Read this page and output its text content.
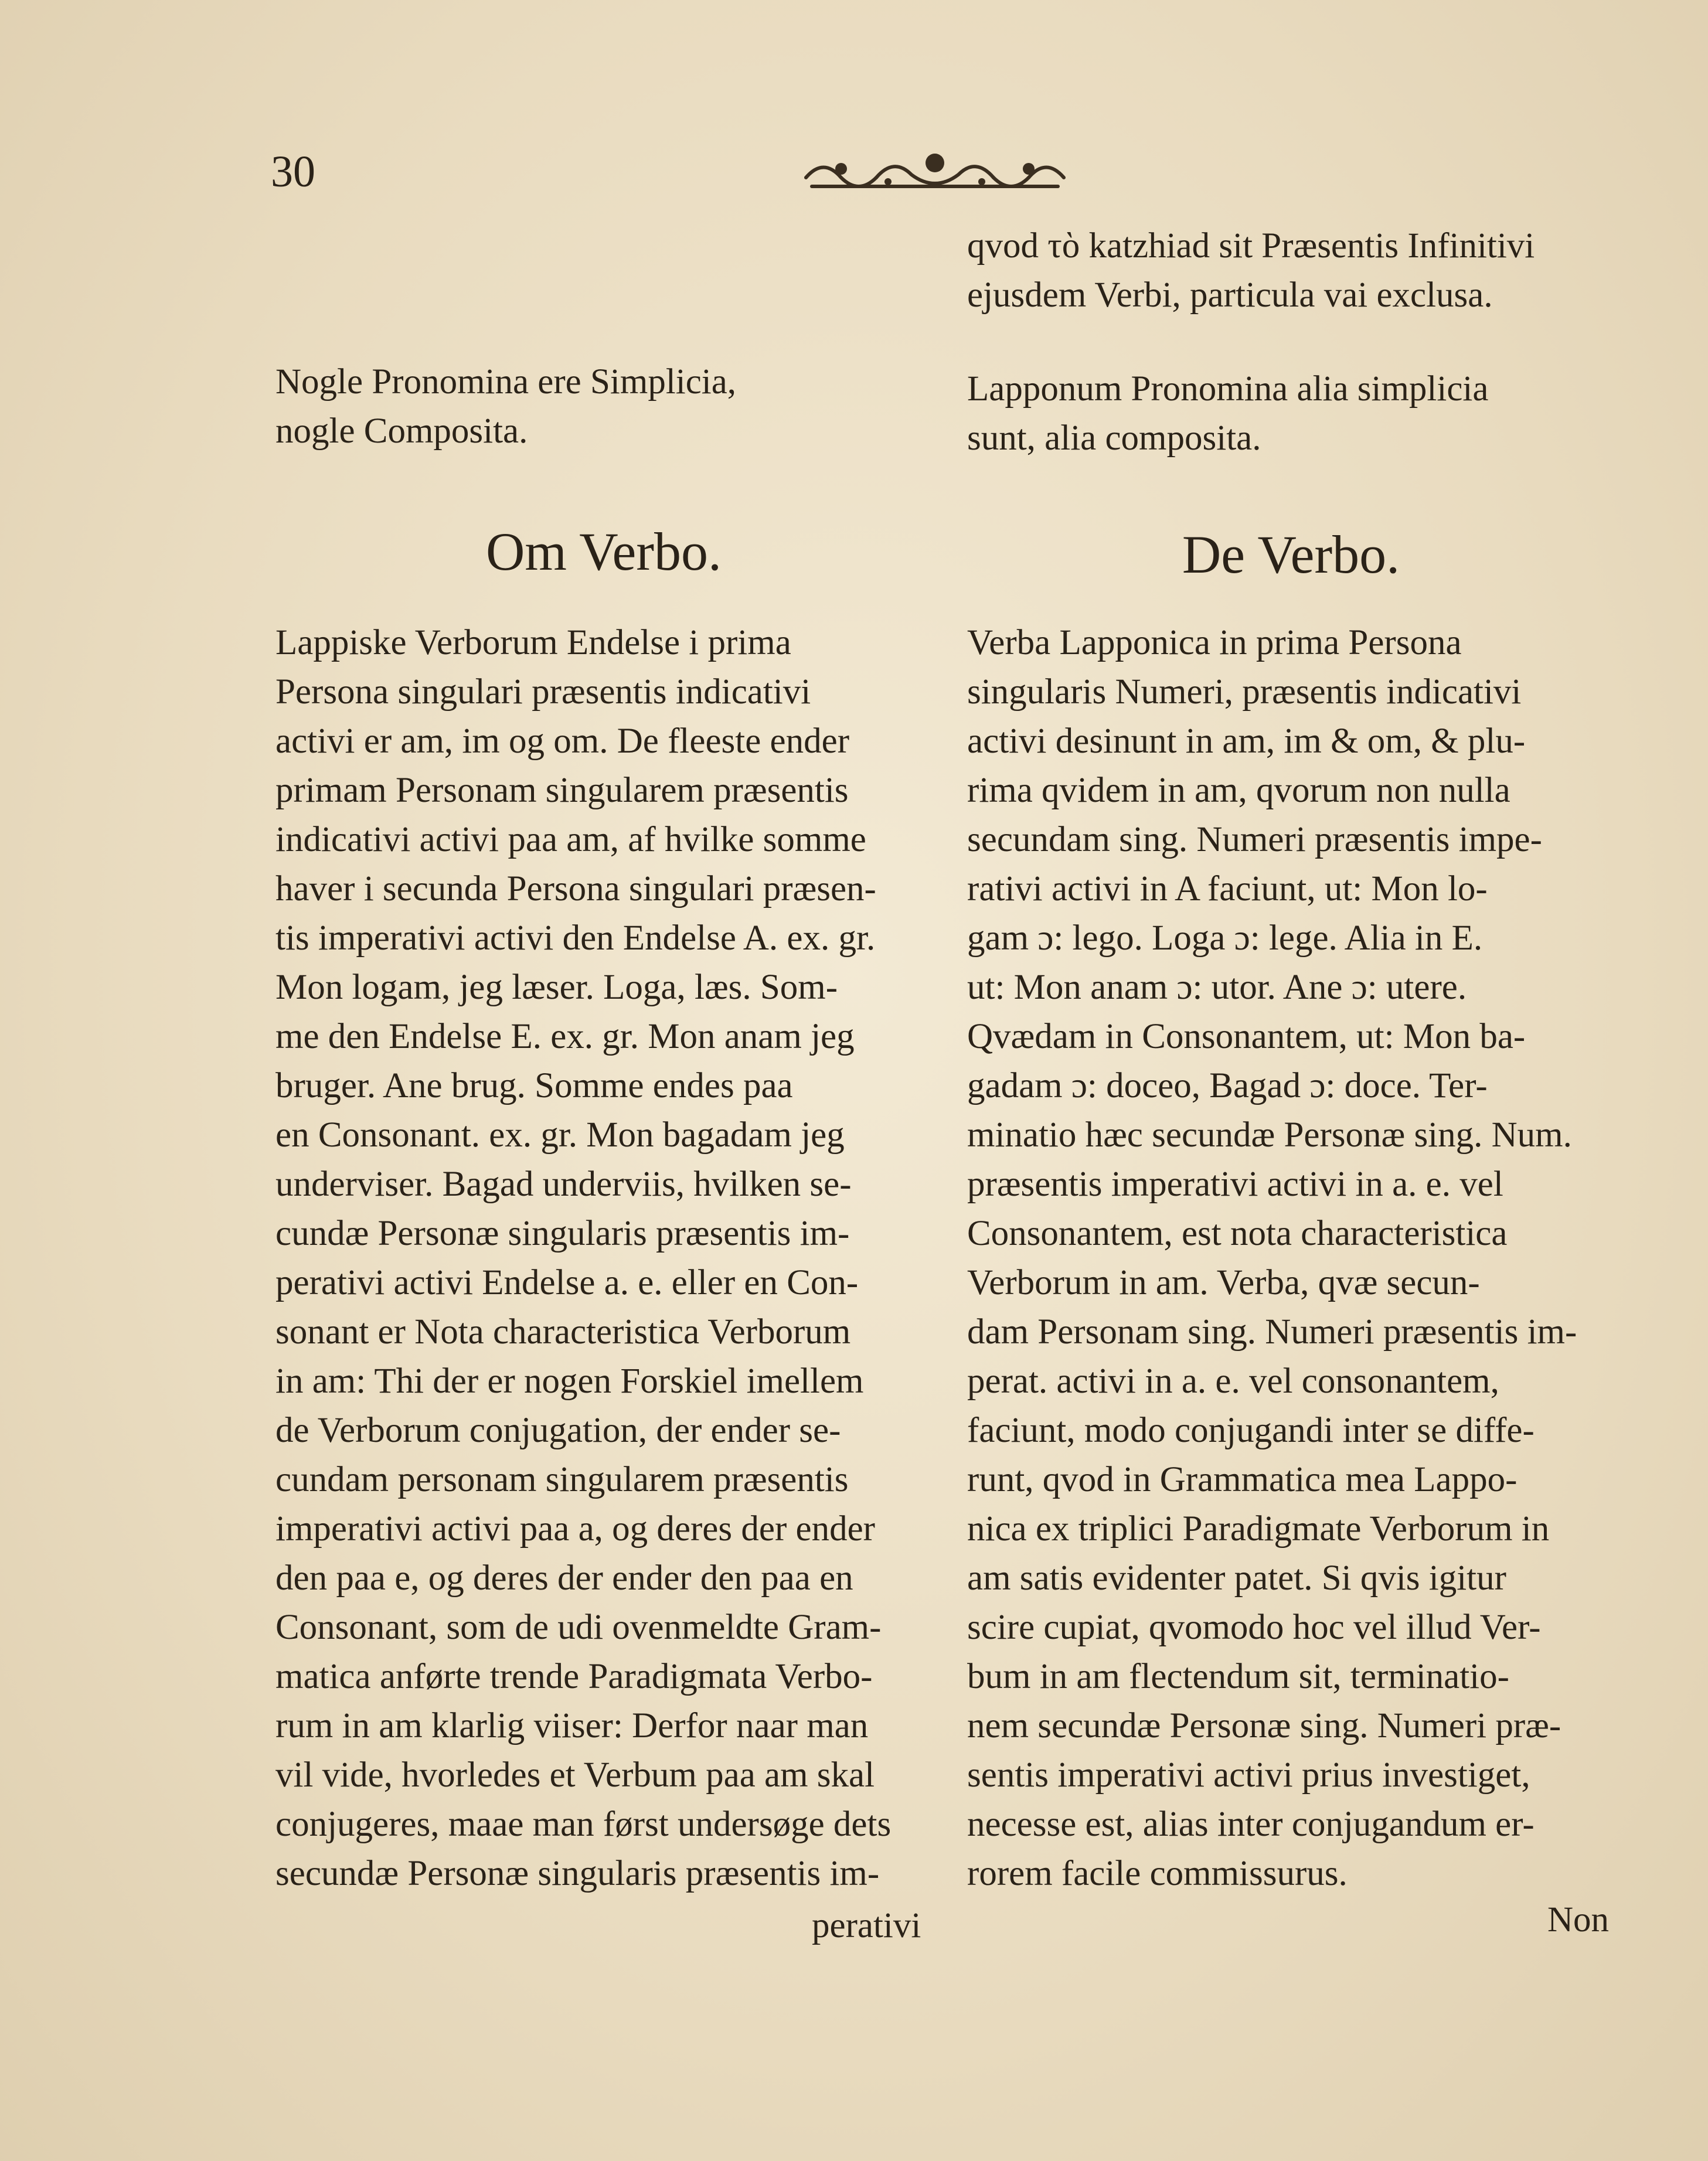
30

qvod τὸ katzhiad sit Præsentis Infinitivi
ejusdem Verbi, particula vai exclusa.

Nogle Pronomina ere Simplicia,
nogle Composita.

Lapponum Pronomina alia simplicia
sunt, alia composita.

Om Verbo.	De Verbo.

Lappiske Verborum Endelse i prima
Persona singulari præsentis indicativi
activi er am, im og om. De fleeste ender
primam Personam singularem præsentis
indicativi activi paa am, af hvilke somme
haver i secunda Persona singulari præsen-
tis imperativi activi den Endelse A. ex. gr.
Mon logam, jeg læser. Loga, læs. Som-
me den Endelse E. ex. gr. Mon anam jeg
bruger. Ane brug. Somme endes paa
en Consonant. ex. gr. Mon bagadam jeg
underviser. Bagad underviis, hvilken se-
cundæ Personæ singularis præsentis im-
perativi activi Endelse a. e. eller en Con-
sonant er Nota characteristica Verborum
in am: Thi der er nogen Forskiel imellem
de Verborum conjugation, der ender se-
cundam personam singularem præsentis
imperativi activi paa a, og deres der ender
den paa e, og deres der ender den paa en
Consonant, som de udi ovenmeldte Gram-
matica anførte trende Paradigmata Verbo-
rum in am klarlig viiser: Derfor naar man
vil vide, hvorledes et Verbum paa am skal
conjugeres, maae man først undersøge dets
secundæ Personæ singularis præsentis im-

Verba Lapponica in prima Persona
singularis Numeri, præsentis indicativi
activi desinunt in am, im & om, & plu-
rima qvidem in am, qvorum non nulla
secundam sing. Numeri præsentis impe-
rativi activi in A faciunt, ut: Mon lo-
gam ɔ: lego. Loga ɔ: lege. Alia in E.
ut: Mon anam ɔ: utor. Ane ɔ: utere.
Qvædam in Consonantem, ut: Mon ba-
gadam ɔ: doceo, Bagad ɔ: doce. Ter-
minatio hæc secundæ Personæ sing. Num.
præsentis imperativi activi in a. e. vel
Consonantem, est nota characteristica
Verborum in am. Verba, qvæ secun-
dam Personam sing. Numeri præsentis im-
perat. activi in a. e. vel consonantem,
faciunt, modo conjugandi inter se diffe-
runt, qvod in Grammatica mea Lappo-
nica ex triplici Paradigmate Verborum in
am satis evidenter patet. Si qvis igitur
scire cupiat, qvomodo hoc vel illud Ver-
bum in am flectendum sit, terminatio-
nem secundæ Personæ sing. Numeri præ-
sentis imperativi activi prius investiget,
necesse est, alias inter conjugandum er-
rorem facile commissurus.

perativi	Non
